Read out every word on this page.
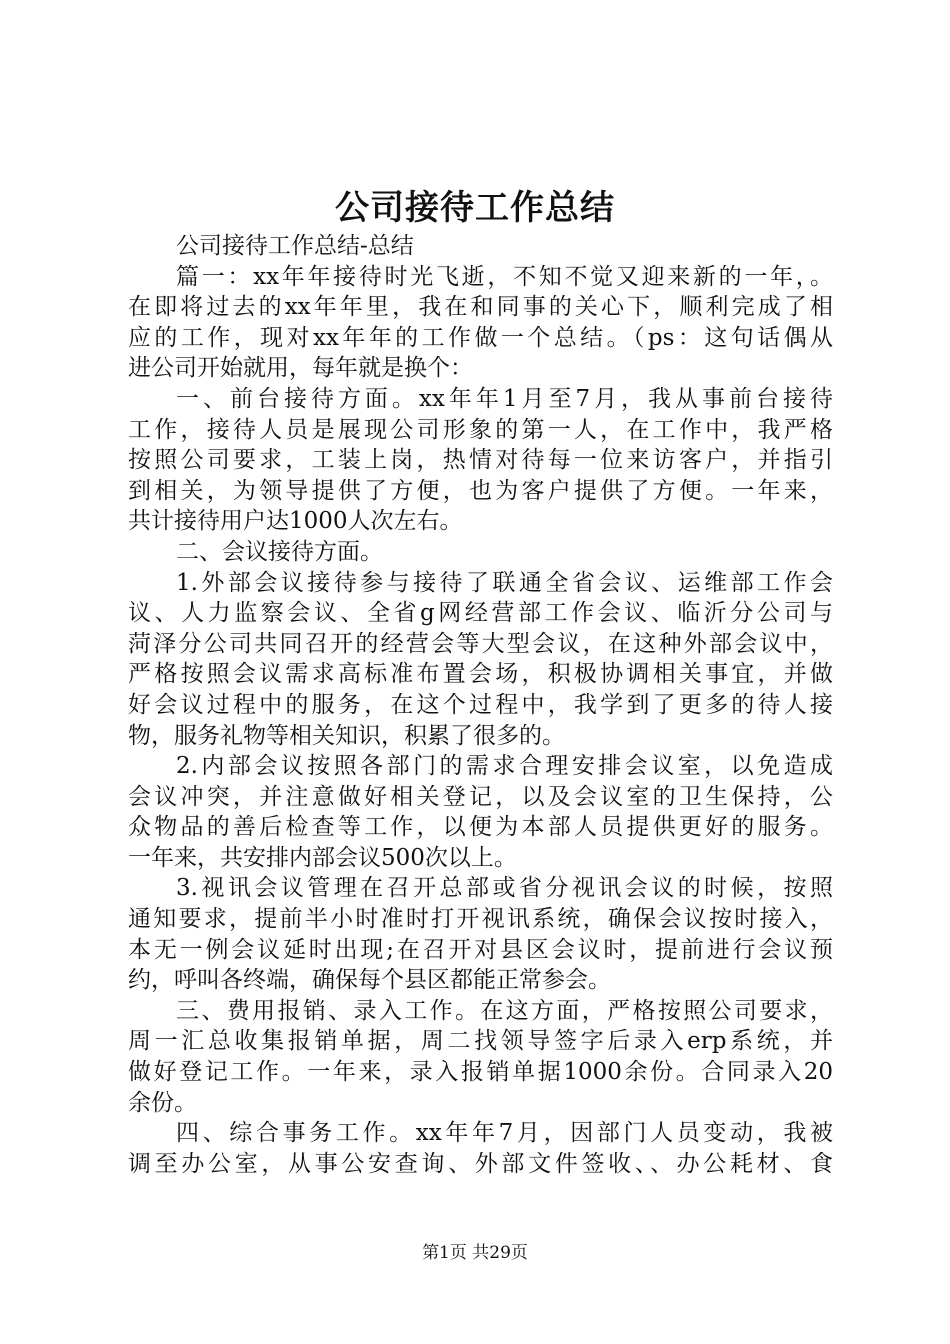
公司接待工作总结
公司接待工作总结-总结
篇一：xx年年接待时光飞逝，不知不觉又迎来新的一年，。
在即将过去的xx年年里，我在和同事的关心下，顺利完成了相
应的工作，现对xx年年的工作做一个总结。（ps：这句话偶从
进公司开始就用，每年就是换个：
一、前台接待方面。xx年年1月至7月，我从事前台接待
工作，接待人员是展现公司形象的第一人，在工作中，我严格
按照公司要求，工装上岗，热情对待每一位来访客户，并指引
到相关，为领导提供了方便，也为客户提供了方便。一年来，
共计接待用户达1000人次左右。
二、会议接待方面。
1.外部会议接待参与接待了联通全省会议、运维部工作会
议、人力监察会议、全省g网经营部工作会议、临沂分公司与
菏泽分公司共同召开的经营会等大型会议，在这种外部会议中，
严格按照会议需求高标准布置会场，积极协调相关事宜，并做
好会议过程中的服务，在这个过程中，我学到了更多的待人接
物，服务礼物等相关知识，积累了很多的。
2.内部会议按照各部门的需求合理安排会议室，以免造成
会议冲突，并注意做好相关登记，以及会议室的卫生保持，公
众物品的善后检查等工作，以便为本部人员提供更好的服务。
一年来，共安排内部会议500次以上。
3.视讯会议管理在召开总部或省分视讯会议的时候，按照
通知要求，提前半小时准时打开视讯系统，确保会议按时接入，
本无一例会议延时出现;在召开对县区会议时，提前进行会议预
约，呼叫各终端，确保每个县区都能正常参会。
三、费用报销、录入工作。在这方面，严格按照公司要求，
周一汇总收集报销单据，周二找领导签字后录入erp系统，并
做好登记工作。一年来，录入报销单据1000余份。合同录入20
余份。
四、综合事务工作。xx年年7月，因部门人员变动，我被
调至办公室，从事公安查询、外部文件签收、、办公耗材、食
第1页 共29页
